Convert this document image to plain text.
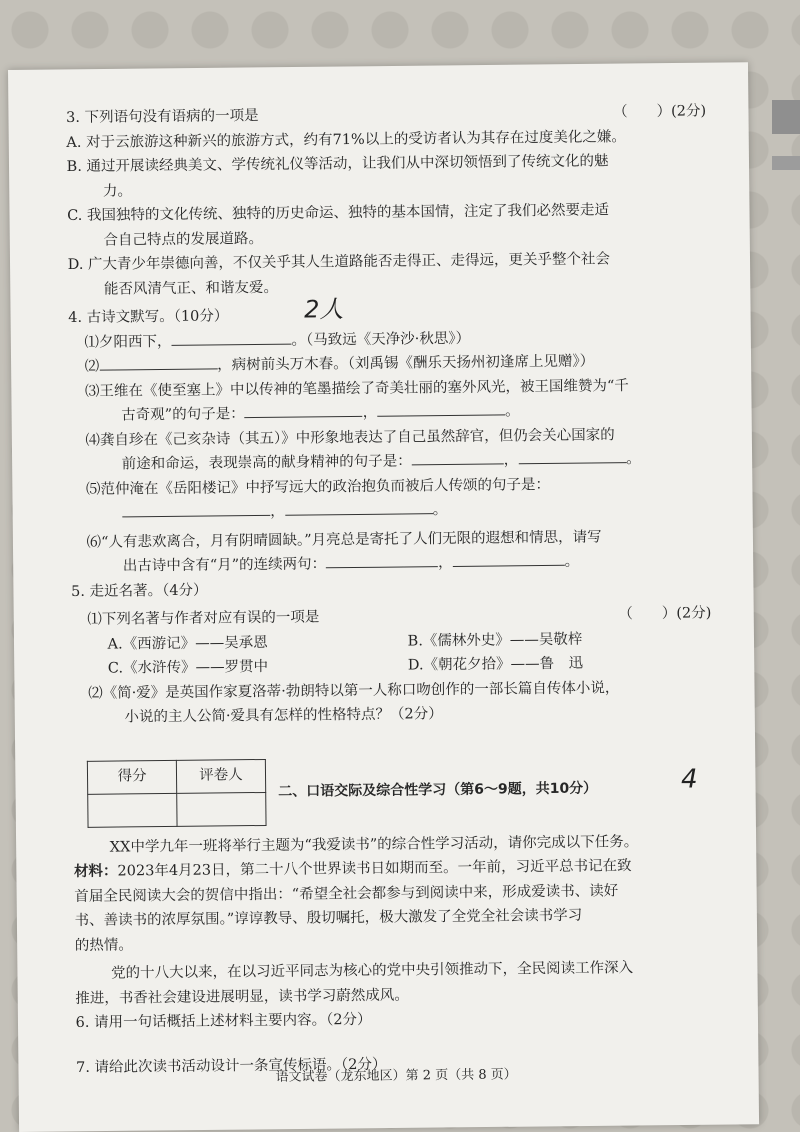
3. 下列语句没有语病的一项是	（　　）(2分)
A. 对于云旅游这种新兴的旅游方式，约有71%以上的受访者认为其存在过度美化之嫌。
B. 通过开展读经典美文、学传统礼仪等活动，让我们从中深切领悟到了传统文化的魅
力。
C. 我国独特的文化传统、独特的历史命运、独特的基本国情，注定了我们必然要走适
合自己特点的发展道路。
D. 广大青少年崇德向善，不仅关乎其人生道路能否走得正、走得远，更关乎整个社会
能否风清气正、和谐友爱。
4. 古诗文默写。（10分）	2人
⑴夕阳西下，	。（马致远《天净沙·秋思》）
⑵	，病树前头万木春。（刘禹锡《酬乐天扬州初逢席上见赠》）
⑶王维在《使至塞上》中以传神的笔墨描绘了奇美壮丽的塞外风光，被王国维赞为“千
古奇观”的句子是：	，	。
⑷龚自珍在《己亥杂诗（其五）》中形象地表达了自己虽然辞官，但仍会关心国家的
前途和命运，表现崇高的献身精神的句子是：	，	。
⑸范仲淹在《岳阳楼记》中抒写远大的政治抱负而被后人传颂的句子是：
，	。
⑹“人有悲欢离合，月有阴晴圆缺。”月亮总是寄托了人们无限的遐想和情思，请写
出古诗中含有“月”的连续两句：	，	。
5. 走近名著。（4分）
⑴下列名著与作者对应有误的一项是	（　　）(2分)
A.《西游记》——吴承恩	B.《儒林外史》——吴敬梓
C.《水浒传》——罗贯中	D.《朝花夕拾》——鲁　迅
⑵《简·爱》是英国作家夏洛蒂·勃朗特以第一人称口吻创作的一部长篇自传体小说，
小说的主人公简·爱具有怎样的性格特点？（2分）
得分	评卷人

二、口语交际及综合性学习（第6～9题，共10分）	4
XX中学九年一班将举行主题为“我爱读书”的综合性学习活动，请你完成以下任务。
材料：2023年4月23日，第二十八个世界读书日如期而至。一年前，习近平总书记在致
首届全民阅读大会的贺信中指出：“希望全社会都参与到阅读中来，形成爱读书、读好
书、善读书的浓厚氛围。”谆谆教导、殷切嘱托，极大激发了全党全社会读书学习
的热情。
党的十八大以来，在以习近平同志为核心的党中央引领推动下，全民阅读工作深入
推进，书香社会建设进展明显，读书学习蔚然成风。
6. 请用一句话概括上述材料主要内容。（2分）
7. 请给此次读书活动设计一条宣传标语。（2分）
语文试卷（龙东地区）第 2 页（共 8 页）
